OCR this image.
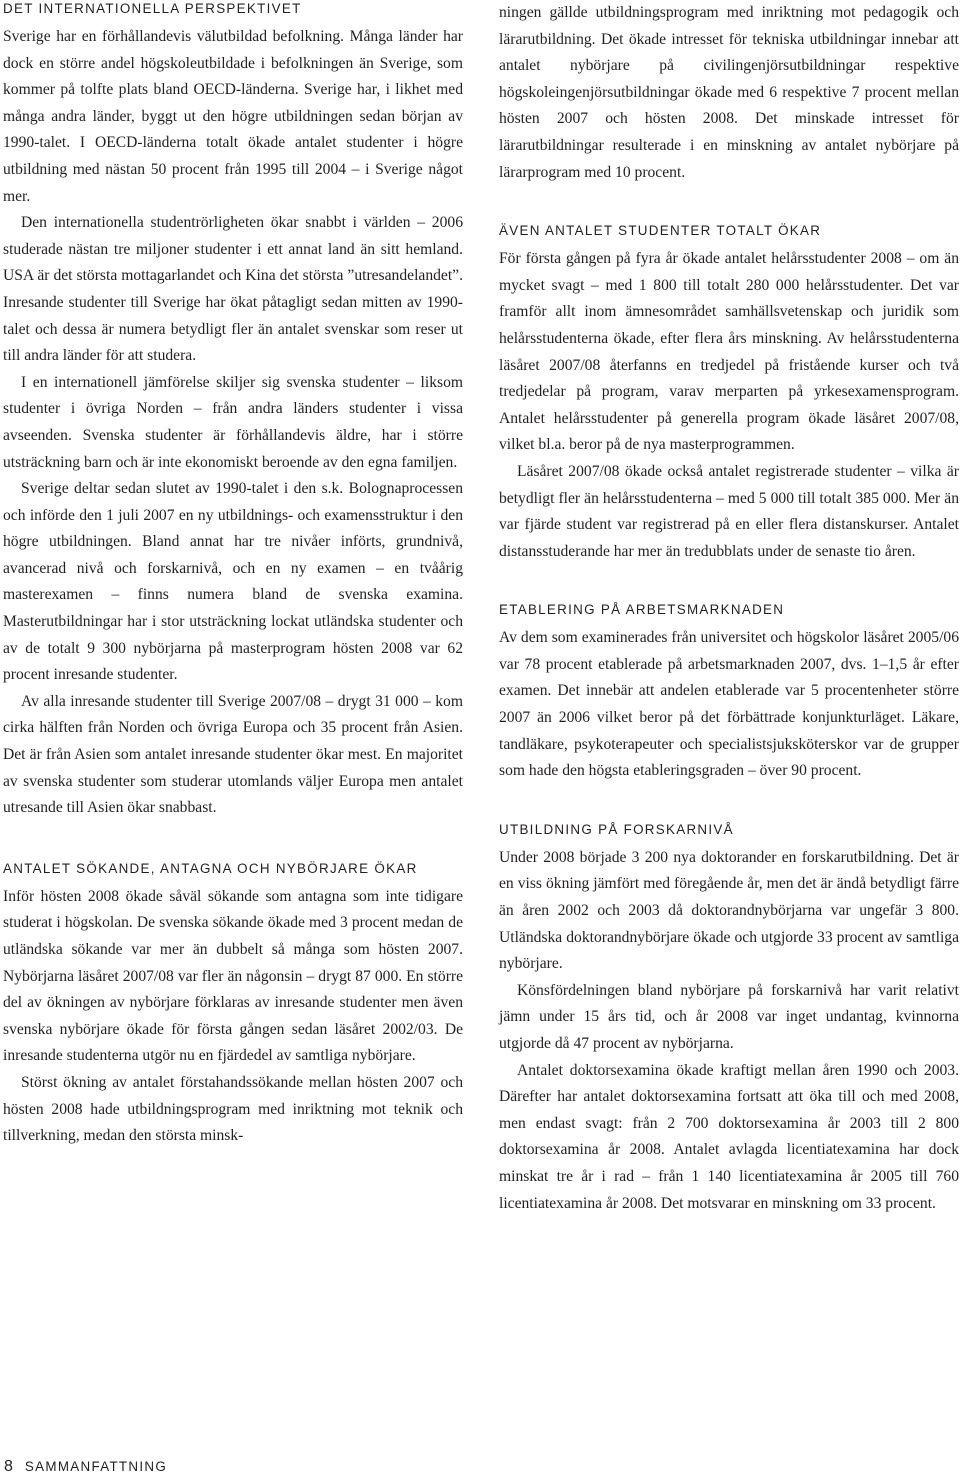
DET INTERNATIONELLA PERSPEKTIVET

Sverige har en förhållandevis välutbildad befolkning. Många länder har dock en större andel högskoleutbildade i befolkningen än Sverige, som kommer på tolfte plats bland OECD-länderna. Sverige har, i likhet med många andra länder, byggt ut den högre utbildningen sedan början av 1990-talet. I OECD-länderna totalt ökade antalet studenter i högre utbildning med nästan 50 procent från 1995 till 2004 – i Sverige något mer.

Den internationella studentrörligheten ökar snabbt i världen – 2006 studerade nästan tre miljoner studenter i ett annat land än sitt hemland. USA är det största mottagarlandet och Kina det största ”utresandelandet”. Inresande studenter till Sverige har ökat påtagligt sedan mitten av 1990-talet och dessa är numera betydligt fler än antalet svenskar som reser ut till andra länder för att studera.

I en internationell jämförelse skiljer sig svenska studenter – liksom studenter i övriga Norden – från andra länders studenter i vissa avseenden. Svenska studenter är förhållandevis äldre, har i större utsträckning barn och är inte ekonomiskt beroende av den egna familjen.

Sverige deltar sedan slutet av 1990-talet i den s.k. Bolognaprocessen och införde den 1 juli 2007 en ny utbildnings- och examensstruktur i den högre utbildningen. Bland annat har tre nivåer införts, grundnivå, avancerad nivå och forskarnivå, och en ny examen – en tvåårig masterexamen – finns numera bland de svenska examina. Masterutbildningar har i stor utsträckning lockat utländska studenter och av de totalt 9 300 nybörjarna på masterprogram hösten 2008 var 62 procent inresande studenter.

Av alla inresande studenter till Sverige 2007/08 – drygt 31 000 – kom cirka hälften från Norden och övriga Europa och 35 procent från Asien. Det är från Asien som antalet inresande studenter ökar mest. En majoritet av svenska studenter som studerar utomlands väljer Europa men antalet utresande till Asien ökar snabbast.

ANTALET SÖKANDE, ANTAGNA OCH NYBÖRJARE ÖKAR

Inför hösten 2008 ökade såväl sökande som antagna som inte tidigare studerat i högskolan. De svenska sökande ökade med 3 procent medan de utländska sökande var mer än dubbelt så många som hösten 2007. Nybörjarna läsåret 2007/08 var fler än någonsin – drygt 87 000. En större del av ökningen av nybörjare förklaras av inresande studenter men även svenska nybörjare ökade för första gången sedan läsåret 2002/03. De inresande studenterna utgör nu en fjärdedel av samtliga nybörjare.

Störst ökning av antalet förstahandssökande mellan hösten 2007 och hösten 2008 hade utbildningsprogram med inriktning mot teknik och tillverkning, medan den största minsk-

ningen gällde utbildningsprogram med inriktning mot pedagogik och lärarutbildning. Det ökade intresset för tekniska utbildningar innebar att antalet nybörjare på civilingenjörsutbildningar respektive högskoleingenjörsutbildningar ökade med 6 respektive 7 procent mellan hösten 2007 och hösten 2008. Det minskade intresset för lärarutbildningar resulterade i en minskning av antalet nybörjare på lärarprogram med 10 procent.

ÄVEN ANTALET STUDENTER TOTALT ÖKAR

För första gången på fyra år ökade antalet helårsstudenter 2008 – om än mycket svagt – med 1 800 till totalt 280 000 helårsstudenter. Det var framför allt inom ämnesområdet samhällsvetenskap och juridik som helårsstudenterna ökade, efter flera års minskning. Av helårsstudenterna läsåret 2007/08 återfanns en tredjedel på fristående kurser och två tredjedelar på program, varav merparten på yrkesexamensprogram. Antalet helårsstudenter på generella program ökade läsåret 2007/08, vilket bl.a. beror på de nya masterprogrammen.

Läsåret 2007/08 ökade också antalet registrerade studenter – vilka är betydligt fler än helårsstudenterna – med 5 000 till totalt 385 000. Mer än var fjärde student var registrerad på en eller flera distanskurser. Antalet distansstuderande har mer än tredubblats under de senaste tio åren.

ETABLERING PÅ ARBETSMARKNADEN

Av dem som examinerades från universitet och högskolor läsåret 2005/06 var 78 procent etablerade på arbetsmarknaden 2007, dvs. 1–1,5 år efter examen. Det innebär att andelen etablerade var 5 procentenheter större 2007 än 2006 vilket beror på det förbättrade konjunkturläget. Läkare, tandläkare, psykoterapeuter och specialistsjuksköterskor var de grupper som hade den högsta etableringsgraden – över 90 procent.

UTBILDNING PÅ FORSKARNIVÅ

Under 2008 började 3 200 nya doktorander en forskarutbildning. Det är en viss ökning jämfört med föregående år, men det är ändå betydligt färre än åren 2002 och 2003 då doktorandnybörjarna var ungefär 3 800. Utländska doktorandnybörjare ökade och utgjorde 33 procent av samtliga nybörjare.

Könsfördelningen bland nybörjare på forskarnivå har varit relativt jämn under 15 års tid, och år 2008 var inget undantag, kvinnorna utgjorde då 47 procent av nybörjarna.

Antalet doktorsexamina ökade kraftigt mellan åren 1990 och 2003. Därefter har antalet doktorsexamina fortsatt att öka till och med 2008, men endast svagt: från 2 700 doktorsexamina år 2003 till 2 800 doktorsexamina år 2008. Antalet avlagda licentiatexamina har dock minskat tre år i rad – från 1 140 licentiatexamina år 2005 till 760 licentiatexamina år 2008. Det motsvarar en minskning om 33 procent.

8 SAMMANFATTNING
